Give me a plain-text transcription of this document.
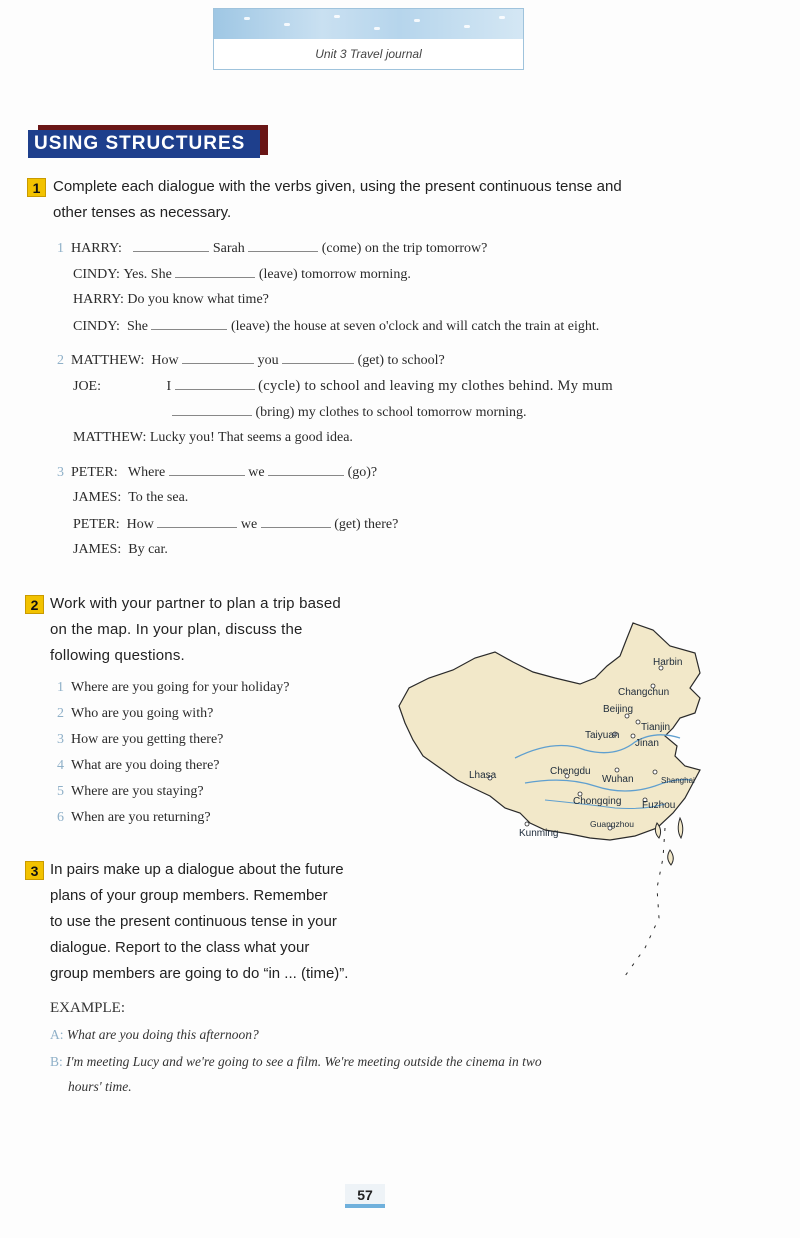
Unit 3 Travel journal
USING STRUCTURES
1 Complete each dialogue with the verbs given, using the present continuous tense and
other tenses as necessary.
1 HARRY:	Sarah	(come) on the trip tomorrow?
CINDY: Yes. She	(leave) tomorrow morning.
HARRY: Do you know what time?
CINDY: She	(leave) the house at seven o'clock and will catch the train at eight.
2 MATTHEW: How	you	(get) to school?
JOE:	I	(cycle) to school and leaving my clothes behind. My mum
(bring) my clothes to school tomorrow morning.
MATTHEW: Lucky you! That seems a good idea.
3 PETER: Where	we	(go)?
JAMES: To the sea.
PETER: How	we	(get) there?
JAMES: By car.
2 Work with your partner to plan a trip based
on the map. In your plan, discuss the
following questions.
1 Where are you going for your holiday?
2 Who are you going with?
3 How are you getting there?
4 What are you doing there?
5 Where are you staying?
6 When are you returning?
Harbin
Changchun
Beijing
Tianjin
Taiyuan
Jinan
Lhasa	Chengdu
Wuhan	Shanghai
Chongqing Fuzhou
Kunming
Guangzhou
3 In pairs make up a dialogue about the future
plans of your group members. Remember
to use the present continuous tense in your
dialogue. Report to the class what your
group members are going to do “in ... (time)”.
EXAMPLE:
A: What are you doing this afternoon?
B: I'm meeting Lucy and we're going to see a film. We're meeting outside the cinema in two
hours' time.
57
